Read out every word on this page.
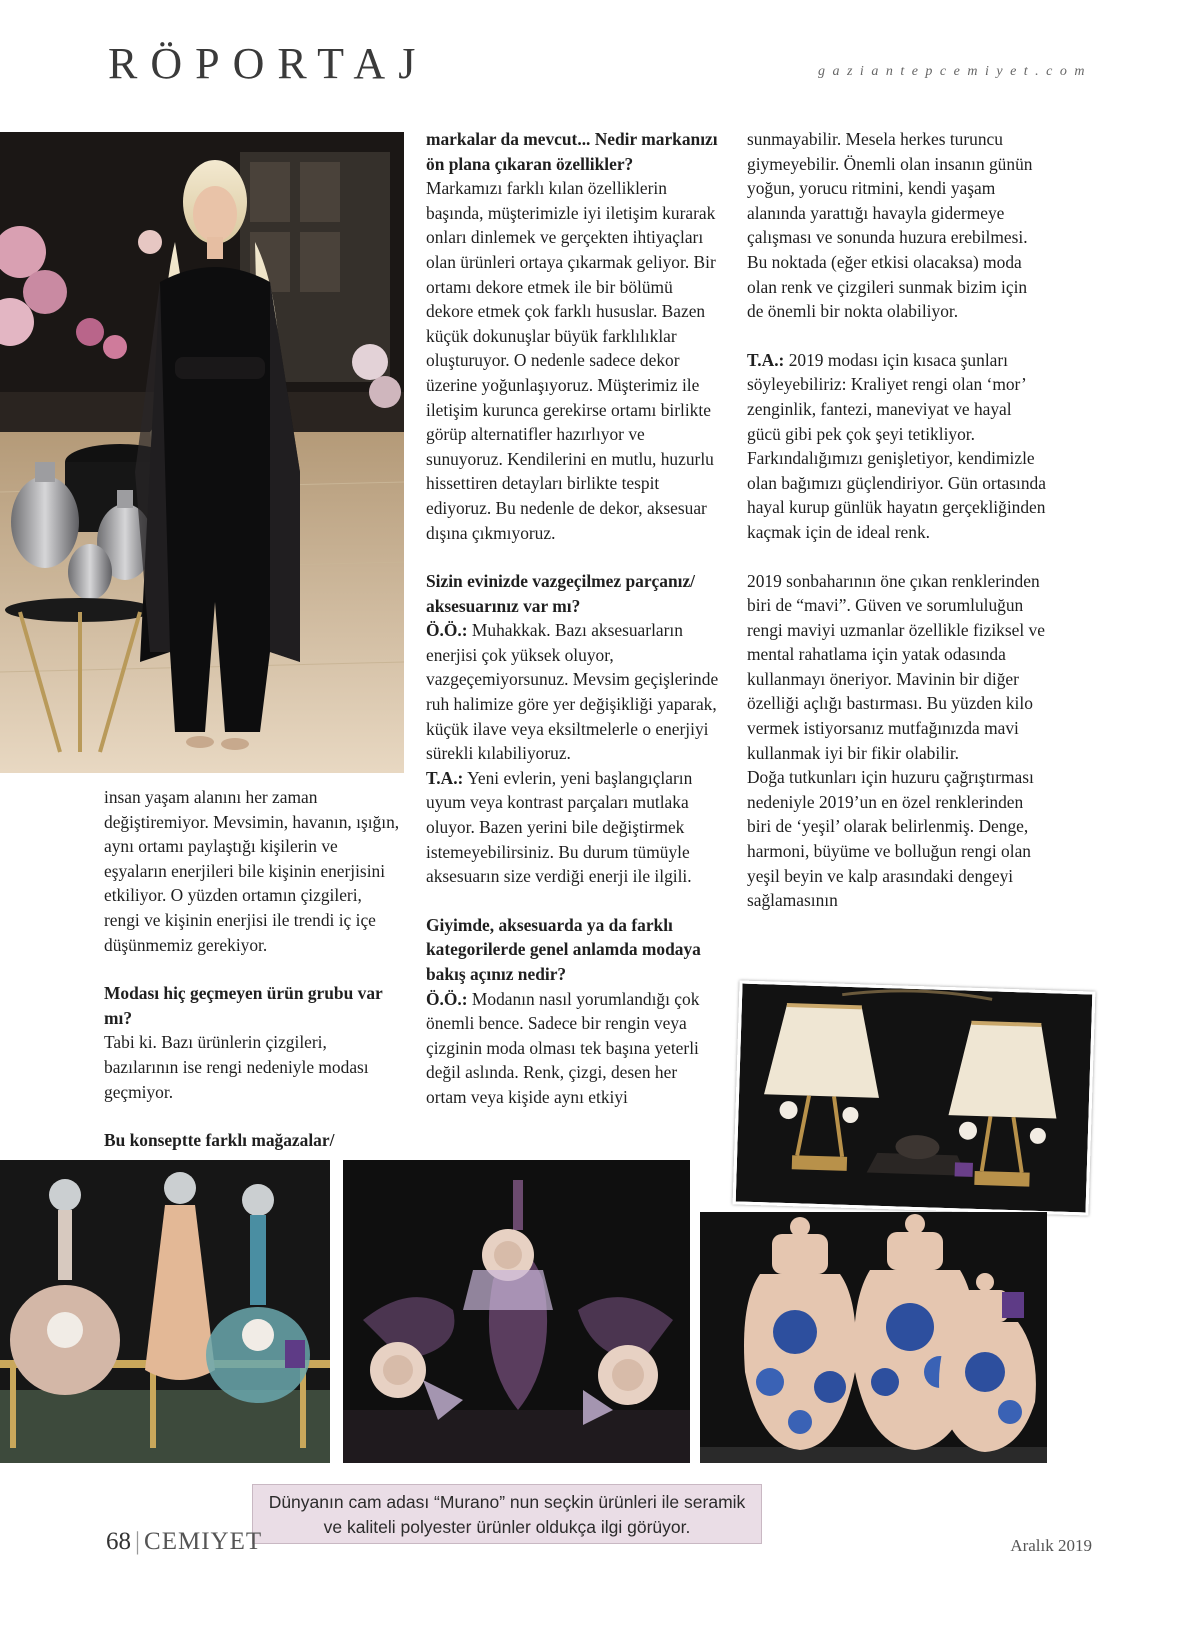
RÖPORTAJ	gaziantepcemiyet.com

insan yaşam alanını her zaman değiştiremiyor. Mevsimin, havanın, ışığın, aynı ortamı paylaştığı kişilerin ve eşyaların enerjileri bile kişinin enerjisini etkiliyor. O yüzden ortamın çizgileri, rengi ve kişinin enerjisi ile trendi iç içe düşünmemiz gerekiyor.

Modası hiç geçmeyen ürün grubu var mı?

Tabi ki. Bazı ürünlerin çizgileri, bazılarının ise rengi nedeniyle modası geçmiyor.

Bu konseptte farklı mağazalar/

markalar da mevcut... Nedir markanızı ön plana çıkaran özellikler?

Markamızı farklı kılan özelliklerin başında, müşterimizle iyi iletişim kurarak onları dinlemek ve gerçekten ihtiyaçları olan ürünleri ortaya çıkarmak geliyor. Bir ortamı dekore etmek ile bir bölümü dekore etmek çok farklı hususlar. Bazen küçük dokunuşlar büyük farklılıklar oluşturuyor. O nedenle sadece dekor üzerine yoğunlaşıyoruz. Müşterimiz ile iletişim kurunca gerekirse ortamı birlikte görüp alternatifler hazırlıyor ve sunuyoruz. Kendilerini en mutlu, huzurlu hissettiren detayları birlikte tespit ediyoruz. Bu nedenle de dekor, aksesuar dışına çıkmıyoruz.

Sizin evinizde vazgeçilmez parçanız/ aksesuarınız var mı?

Ö.Ö.: Muhakkak. Bazı aksesuarların enerjisi çok yüksek oluyor, vazgeçemiyorsunuz. Mevsim geçişlerinde ruh halimize göre yer değişikliği yaparak, küçük ilave veya eksiltmelerle o enerjiyi sürekli kılabiliyoruz.

T.A.: Yeni evlerin, yeni başlangıçların uyum veya kontrast parçaları mutlaka oluyor. Bazen yerini bile değiştirmek istemeyebilirsiniz. Bu durum tümüyle aksesuarın size verdiği enerji ile ilgili.

Giyimde, aksesuarda ya da farklı kategorilerde genel anlamda modaya bakış açınız nedir?

Ö.Ö.: Modanın nasıl yorumlandığı çok önemli bence. Sadece bir rengin veya çizginin moda olması tek başına yeterli değil aslında. Renk, çizgi, desen her ortam veya kişide aynı etkiyi

sunmayabilir. Mesela herkes turuncu giymeyebilir. Önemli olan insanın günün yoğun, yorucu ritmini, kendi yaşam alanında yarattığı havayla gidermeye çalışması ve sonunda huzura erebilmesi. Bu noktada (eğer etkisi olacaksa) moda olan renk ve çizgileri sunmak bizim için de önemli bir nokta olabiliyor.

T.A.: 2019 modası için kısaca şunları söyleyebiliriz: Kraliyet rengi olan ‘mor’ zenginlik, fantezi, maneviyat ve hayal gücü gibi pek çok şeyi tetikliyor. Farkındalığımızı genişletiyor, kendimizle olan bağımızı güçlendiriyor. Gün ortasında hayal kurup günlük hayatın gerçekliğinden kaçmak için de ideal renk.

2019 sonbaharının öne çıkan renklerinden biri de “mavi”. Güven ve sorumluluğun rengi maviyi uzmanlar özellikle fiziksel ve mental rahatlama için yatak odasında kullanmayı öneriyor. Mavinin bir diğer özelliği açlığı bastırması. Bu yüzden kilo vermek istiyorsanız mutfağınızda mavi kullanmak iyi bir fikir olabilir.

Doğa tutkunları için huzuru çağrıştırması nedeniyle 2019’un en özel renklerinden biri de ‘yeşil’ olarak belirlenmiş. Denge, harmoni, büyüme ve bolluğun rengi olan yeşil beyin ve kalp arasındaki dengeyi sağlamasının

Dünyanın cam adası “Murano” nun seçkin ürünleri ile seramik
ve kaliteli polyester ürünler oldukça ilgi görüyor.
68 | CEMIYET	Aralık 2019
